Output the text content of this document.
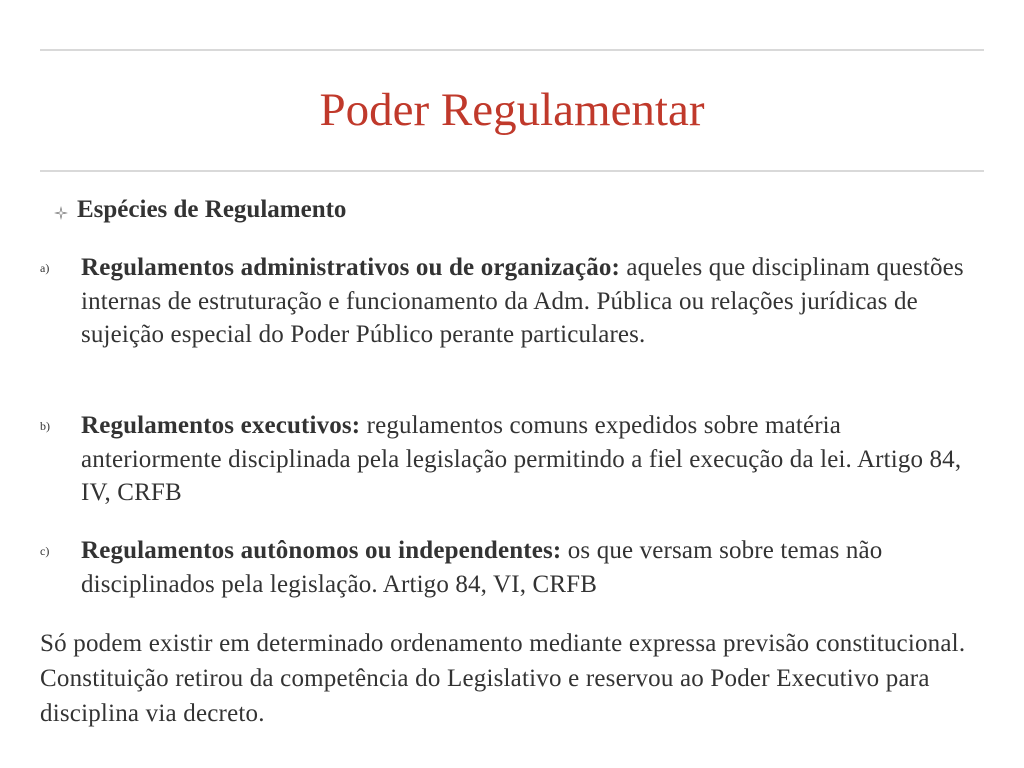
Poder Regulamentar
Espécies de Regulamento
a) Regulamentos administrativos ou de organização: aqueles que disciplinam questões internas de estruturação e funcionamento da Adm. Pública ou relações jurídicas de sujeição especial do Poder Público perante particulares.
b) Regulamentos executivos: regulamentos comuns expedidos sobre matéria anteriormente disciplinada pela legislação permitindo a fiel execução da lei. Artigo 84, IV, CRFB
c) Regulamentos autônomos ou independentes: os que versam sobre temas não disciplinados pela legislação. Artigo 84, VI, CRFB
Só podem existir em determinado ordenamento mediante expressa previsão constitucional. Constituição retirou da competência do Legislativo e reservou ao Poder Executivo para disciplina via decreto.
